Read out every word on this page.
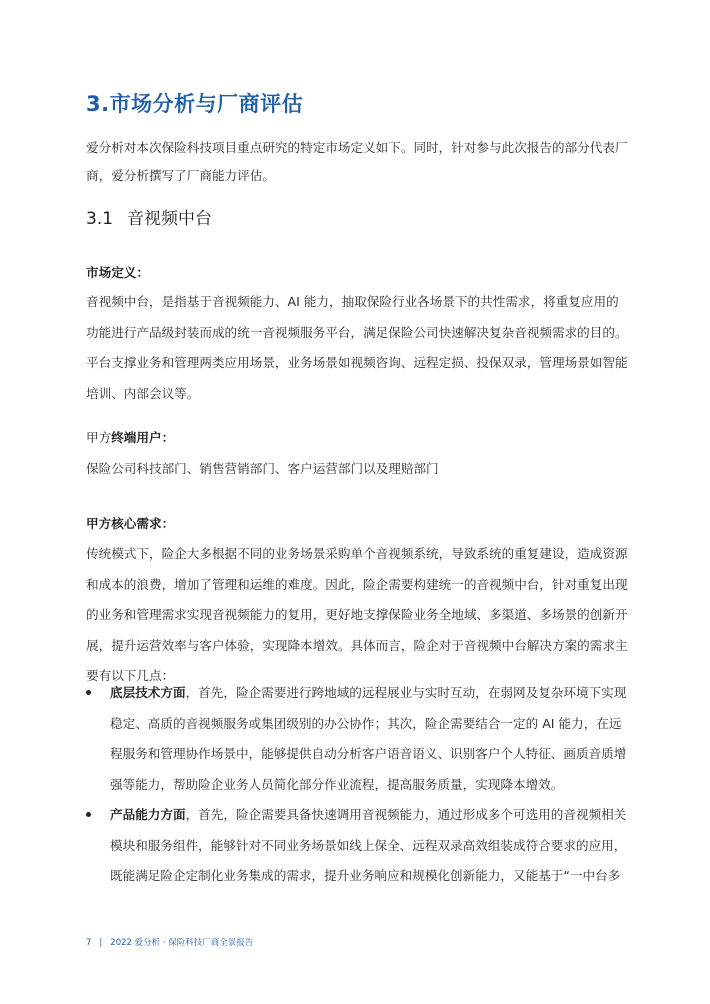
3.市场分析与厂商评估
爱分析对本次保险科技项目重点研究的特定市场定义如下。同时，针对参与此次报告的部分代表厂商，爱分析撰写了厂商能力评估。
3.1 音视频中台
市场定义：
音视频中台，是指基于音视频能力、AI 能力，抽取保险行业各场景下的共性需求，将重复应用的功能进行产品级封装而成的统一音视频服务平台，满足保险公司快速解决复杂音视频需求的目的。平台支撑业务和管理两类应用场景，业务场景如视频咨询、远程定损、投保双录，管理场景如智能培训、内部会议等。
甲方终端用户：
保险公司科技部门、销售营销部门、客户运营部门以及理赔部门
甲方核心需求：
传统模式下，险企大多根据不同的业务场景采购单个音视频系统，导致系统的重复建设，造成资源和成本的浪费，增加了管理和运维的难度。因此，险企需要构建统一的音视频中台，针对重复出现的业务和管理需求实现音视频能力的复用，更好地支撑保险业务全地域、多渠道、多场景的创新开展，提升运营效率与客户体验，实现降本增效。具体而言，险企对于音视频中台解决方案的需求主要有以下几点：
底层技术方面，首先，险企需要进行跨地域的远程展业与实时互动，在弱网及复杂环境下实现稳定、高质的音视频服务或集团级别的办公协作；其次，险企需要结合一定的 AI 能力，在远程服务和管理协作场景中，能够提供自动分析客户语音语义、识别客户个人特征、画质音质增强等能力，帮助险企业务人员简化部分作业流程，提高服务质量，实现降本增效。
产品能力方面，首先，险企需要具备快速调用音视频能力，通过形成多个可选用的音视频相关模块和服务组件，能够针对不同业务场景如线上保全、远程双录高效组装成符合要求的应用，既能满足险企定制化业务集成的需求，提升业务响应和规模化创新能力，又能基于“一中台多
7 | 2022 爱分析 · 保险科技厂商全景报告
